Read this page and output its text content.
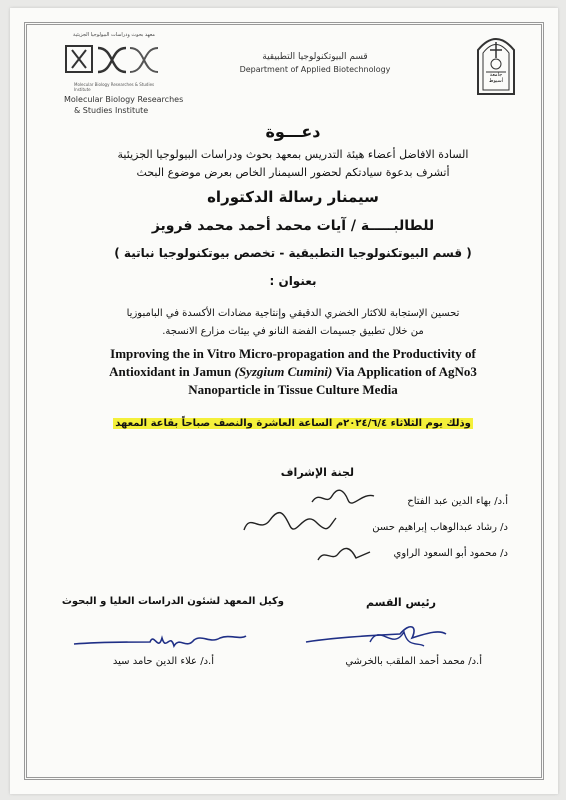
معهد بحوث ودراسات البيولوجيا الجزيئية
Molecular Biology Researches & Studies Institute
Molecular Biology Researches
& Studies Institute
قسم البيوتكنولوجيا التطبيقية
Department of Applied Biotechnology
جامعة أسيوط
دعـــوة
السادة الافاضل أعضاء هيئة التدريس بمعهد بحوث ودراسات البيولوجيا الجزيئية
أتشرف بدعوة سيادتكم لحضور السيمنار الخاص بعرض موضوع البحث
سيمنار رسالة الدكتوراه
للطالبـــــة / آيات محمد أحمد محمد فرويز
( قسم البيوتكنولوجيا التطبيقية - تخصص بيوتكنولوجيا نباتية )
بعنوان :
تحسين الإستجابة للاكثار الخضري الدقيقي وإنتاجية مضادات الأكسدة في البامبوزيا
من خلال تطبيق جسيمات الفضة النانو في بيئات مزارع الانسجة.
Improving the in Vitro Micro-propagation and the Productivity of
Antioxidant in Jamun (Syzgium Cumini) Via Application of AgNo3
Nanoparticle in Tissue Culture Media
وذلك يوم الثلاثاء ٢٠٢٤/٦/٤م الساعة العاشرة والنصف صباحاً بقاعة المعهد
لجنة الإشراف
أ.د/ بهاء الدين عبد الفتاح
د/ رشاد عبدالوهاب إبراهيم حسن
د/ محمود أبو السعود الراوي
رئيس القسم
وكيل المعهد لشئون الدراسات العليا و البحوث
أ.د/ محمد أحمد الملقب بالخرشي
أ.د/ علاء الدين حامد سيد
